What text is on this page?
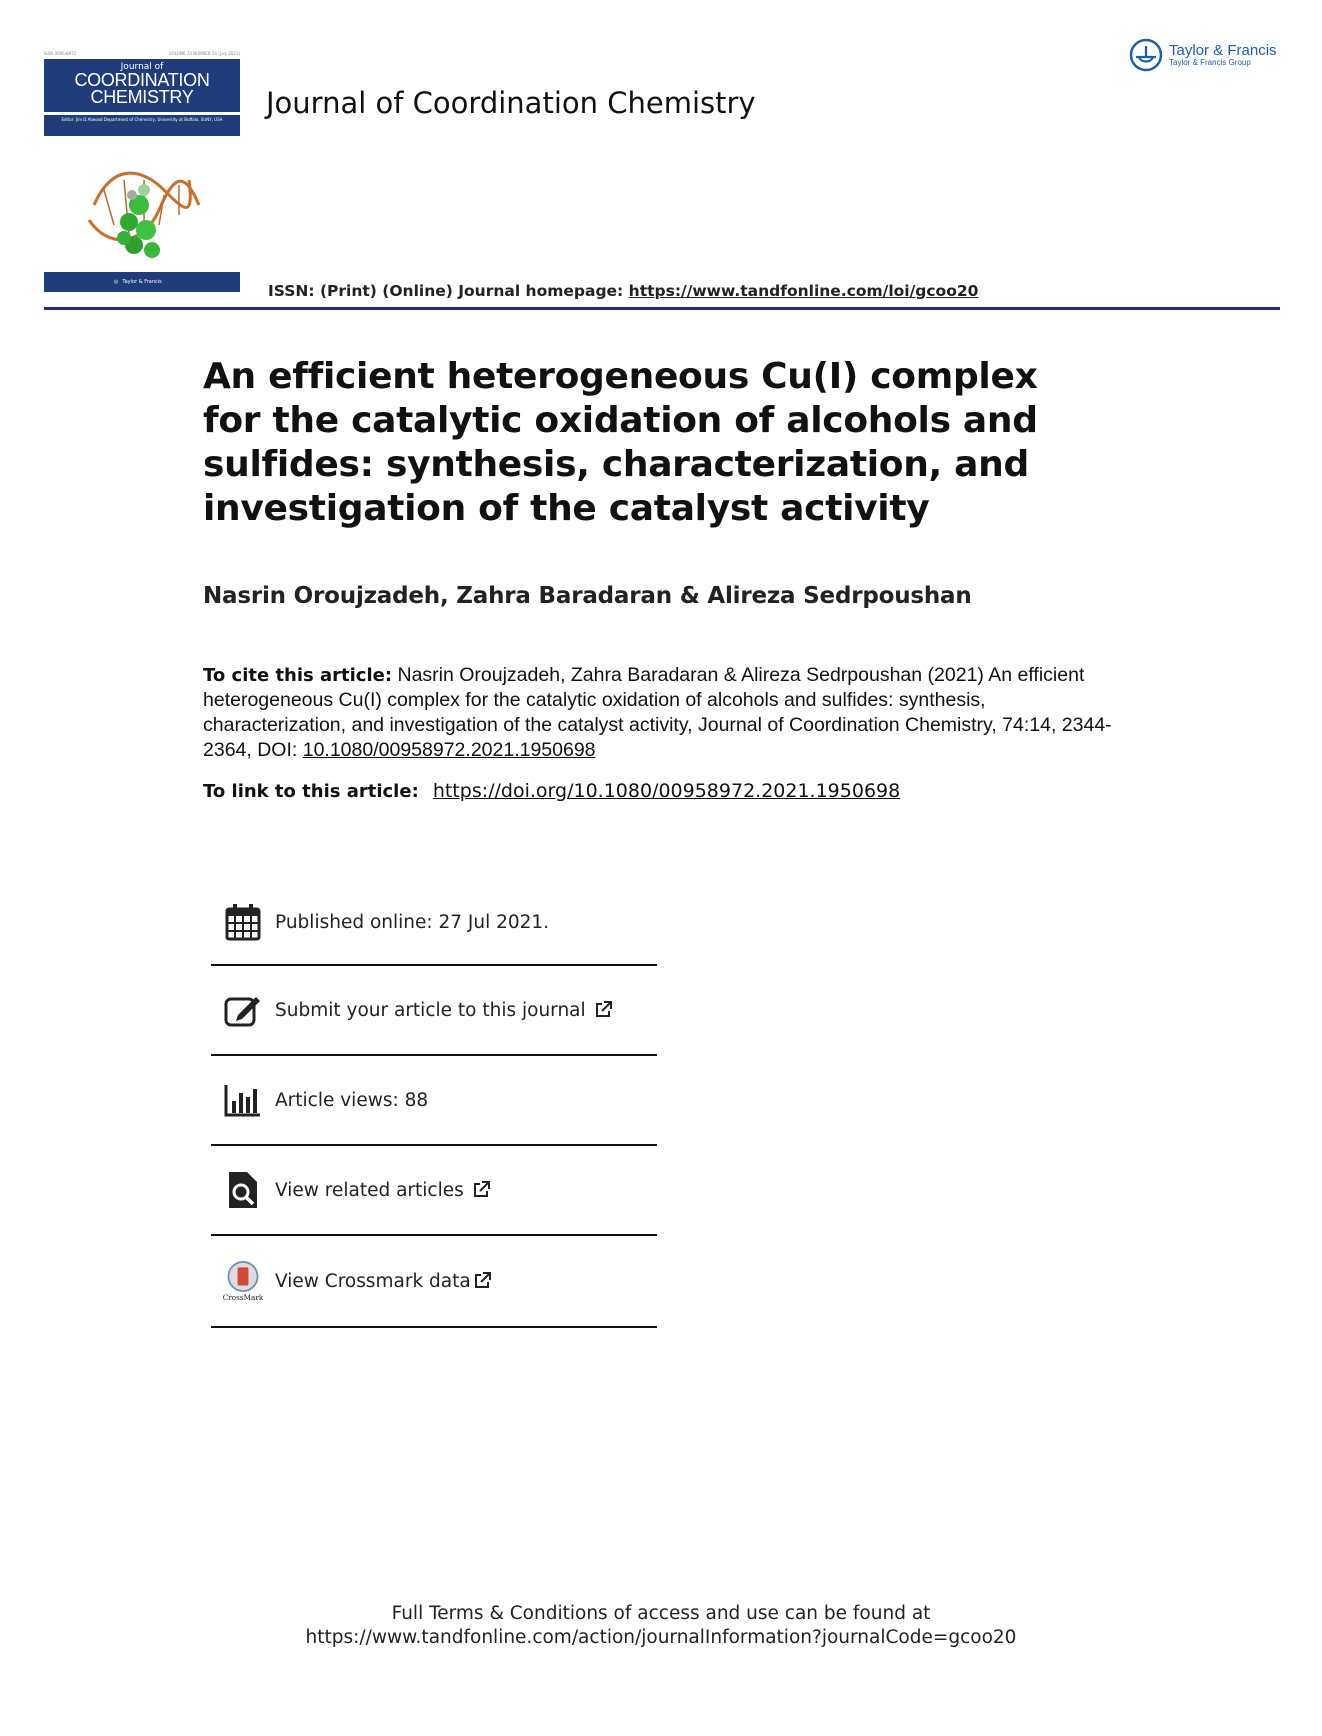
ISSN 0095-8972	VOLUME 74 NUMBER 14 (July 2021)
Journal of
COORDINATION
CHEMISTRY
Editor: Jim D Atwood Department of Chemistry, University at Buffalo, SUNY, USA
◎ Taylor & Francis
Journal of Coordination Chemistry
Taylor & Francis
Taylor & Francis Group
ISSN: (Print) (Online) Journal homepage: https://www.tandfonline.com/loi/gcoo20
An efficient heterogeneous Cu(I) complex for the catalytic oxidation of alcohols and sulfides: synthesis, characterization, and investigation of the catalyst activity
Nasrin Oroujzadeh, Zahra Baradaran & Alireza Sedrpoushan
To cite this article: Nasrin Oroujzadeh, Zahra Baradaran & Alireza Sedrpoushan (2021) An efficient heterogeneous Cu(I) complex for the catalytic oxidation of alcohols and sulfides: synthesis, characterization, and investigation of the catalyst activity, Journal of Coordination Chemistry, 74:14, 2344-2364, DOI: 10.1080/00958972.2021.1950698
To link to this article: https://doi.org/10.1080/00958972.2021.1950698
Published online: 27 Jul 2021.
Submit your article to this journal
Article views: 88
View related articles
CrossMark
View Crossmark data
Full Terms & Conditions of access and use can be found at
https://www.tandfonline.com/action/journalInformation?journalCode=gcoo20
